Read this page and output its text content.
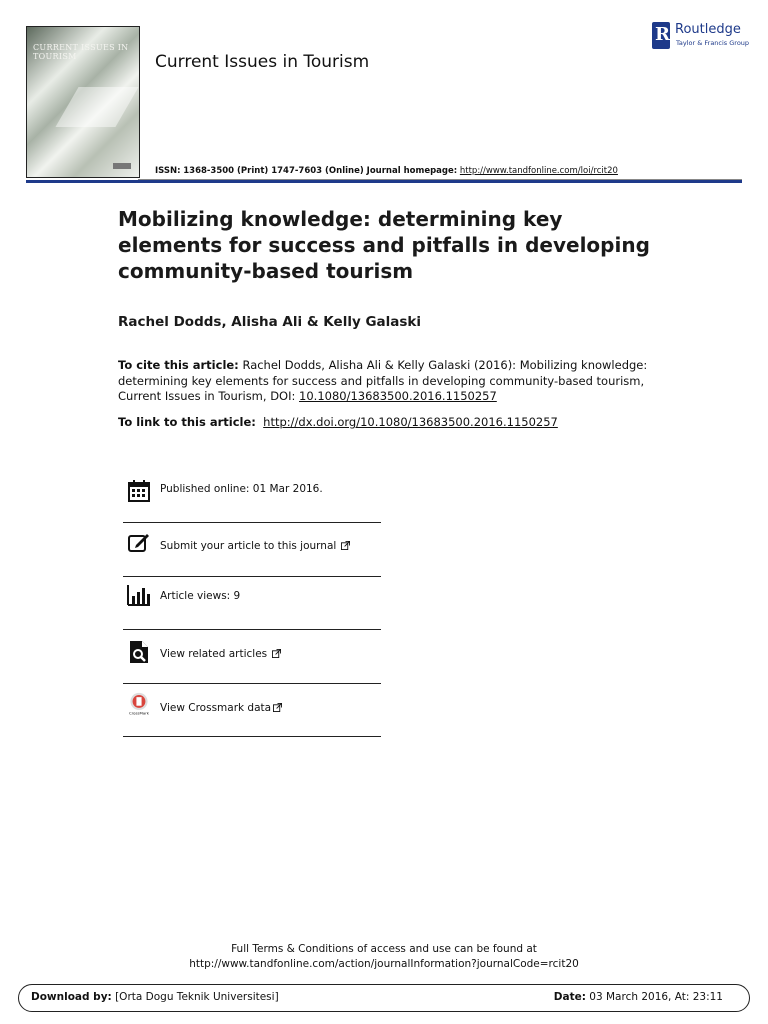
CURRENT ISSUES IN TOURISM	Current Issues in Tourism
R
Routledge
Taylor & Francis Group
ISSN: 1368-3500 (Print) 1747-7603 (Online) Journal homepage: http://www.tandfonline.com/loi/rcit20
Mobilizing knowledge: determining key elements for success and pitfalls in developing community-based tourism
Rachel Dodds, Alisha Ali & Kelly Galaski
To cite this article: Rachel Dodds, Alisha Ali & Kelly Galaski (2016): Mobilizing knowledge: determining key elements for success and pitfalls in developing community-based tourism, Current Issues in Tourism, DOI: 10.1080/13683500.2016.1150257
To link to this article: http://dx.doi.org/10.1080/13683500.2016.1150257
Published online: 01 Mar 2016.
Submit your article to this journal
Article views: 9
View related articles
CrossMark View Crossmark data
Full Terms & Conditions of access and use can be found at
http://www.tandfonline.com/action/journalInformation?journalCode=rcit20
Download by: [Orta Dogu Teknik Universitesi]	Date: 03 March 2016, At: 23:11
